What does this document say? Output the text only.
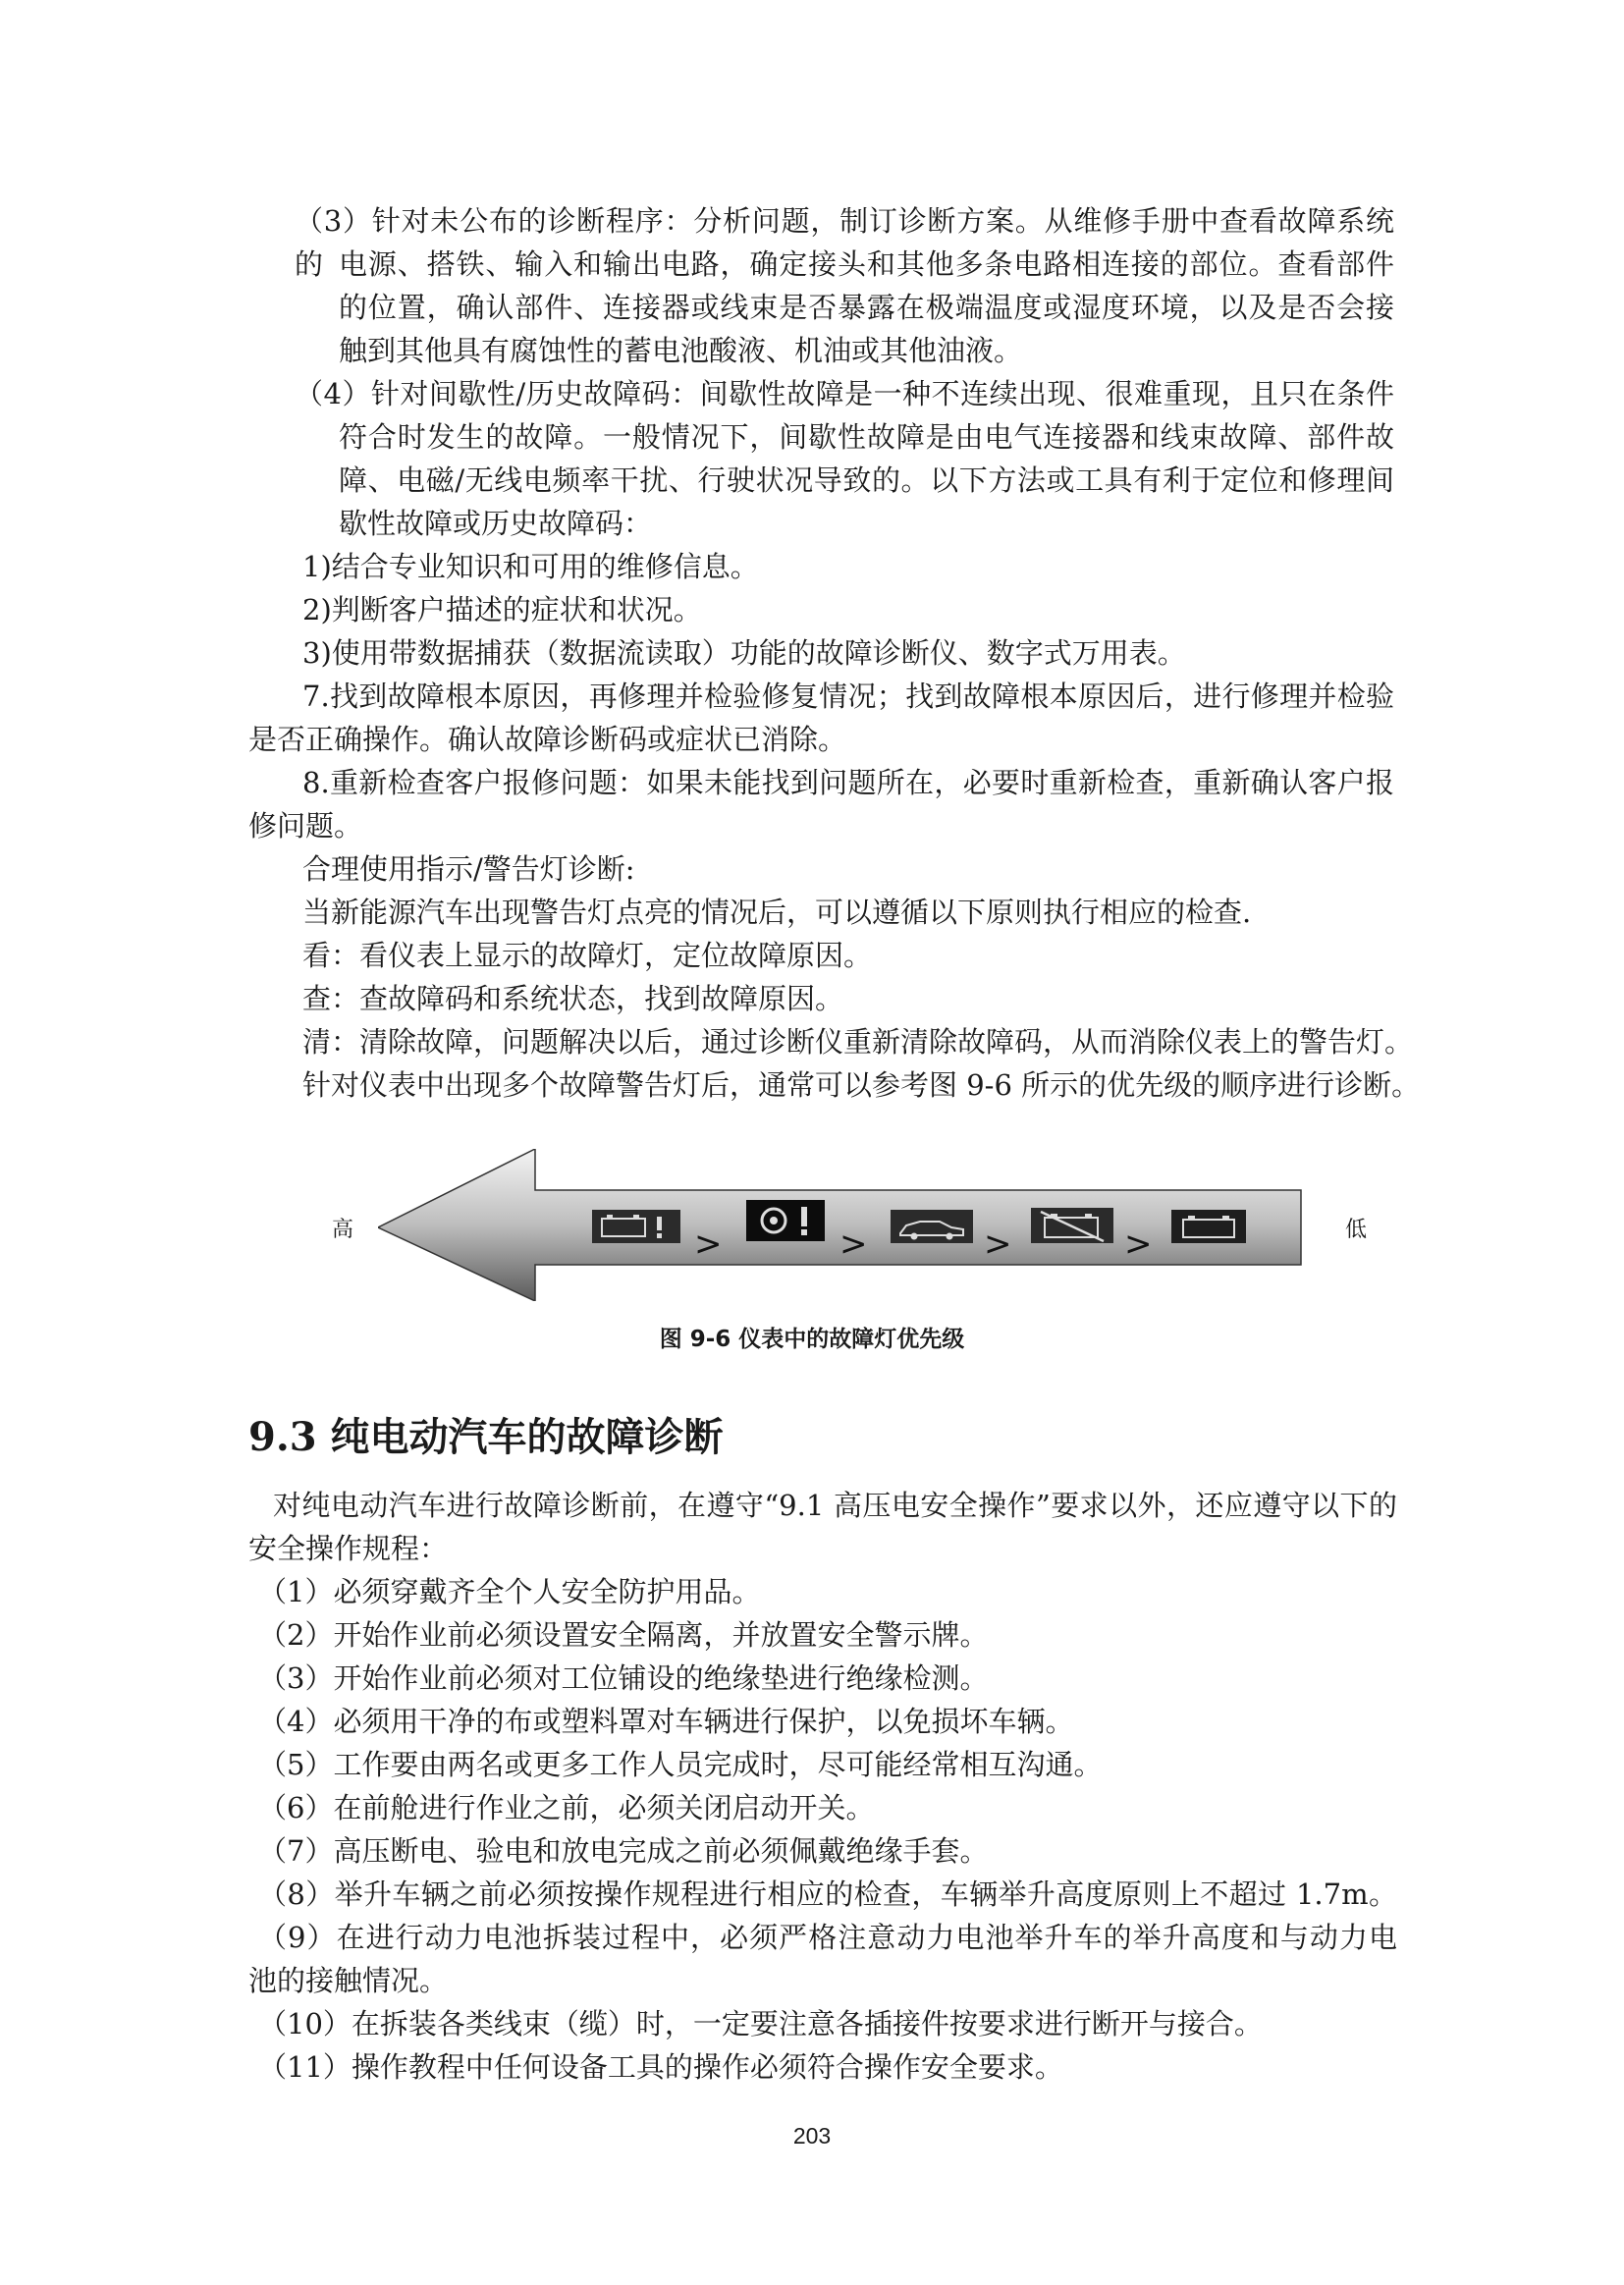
（3）针对未公布的诊断程序：分析问题，制订诊断方案。从维修手册中查看故障系统的 电源、搭铁、输入和输出电路，确定接头和其他多条电路相连接的部位。查看部件
的位置，确认部件、连接器或线束是否暴露在极端温度或湿度环境，以及是否会接
触到其他具有腐蚀性的蓄电池酸液、机油或其他油液。
（4）针对间歇性/历史故障码：间歇性故障是一种不连续出现、很难重现，且只在条件
符合时发生的故障。一般情况下，间歇性故障是由电气连接器和线束故障、部件故
障、电磁/无线电频率干扰、行驶状况导致的。以下方法或工具有利于定位和修理间
歇性故障或历史故障码：
1)结合专业知识和可用的维修信息。
2)判断客户描述的症状和状况。
3)使用带数据捕获（数据流读取）功能的故障诊断仪、数字式万用表。
7.找到故障根本原因，再修理并检验修复情况；找到故障根本原因后，进行修理并检验
是否正确操作。确认故障诊断码或症状已消除。
8.重新检查客户报修问题：如果未能找到问题所在，必要时重新检查，重新确认客户报
修问题。
合理使用指示/警告灯诊断:
当新能源汽车出现警告灯点亮的情况后，可以遵循以下原则执行相应的检查.
看：看仪表上显示的故障灯，定位故障原因。
查：查故障码和系统状态，找到故障原因。
清：清除故障，问题解决以后，通过诊断仪重新清除故障码，从而消除仪表上的警告灯。
针对仪表中出现多个故障警告灯后，通常可以参考图 9-6 所示的优先级的顺序进行诊断。
高	低
>	>	>	>
图 9-6 仪表中的故障灯优先级
9.3 纯电动汽车的故障诊断
对纯电动汽车进行故障诊断前，在遵守“9.1 高压电安全操作”要求以外，还应遵守以下的
安全操作规程：
（1）必须穿戴齐全个人安全防护用品。
（2）开始作业前必须设置安全隔离，并放置安全警示牌。
（3）开始作业前必须对工位铺设的绝缘垫进行绝缘检测。
（4）必须用干净的布或塑料罩对车辆进行保护，以免损坏车辆。
（5）工作要由两名或更多工作人员完成时，尽可能经常相互沟通。
（6）在前舱进行作业之前，必须关闭启动开关。
（7）高压断电、验电和放电完成之前必须佩戴绝缘手套。
（8）举升车辆之前必须按操作规程进行相应的检查，车辆举升高度原则上不超过 1.7m。
（9）在进行动力电池拆装过程中，必须严格注意动力电池举升车的举升高度和与动力电
池的接触情况。
（10）在拆装各类线束（缆）时，一定要注意各插接件按要求进行断开与接合。
（11）操作教程中任何设备工具的操作必须符合操作安全要求。
203
